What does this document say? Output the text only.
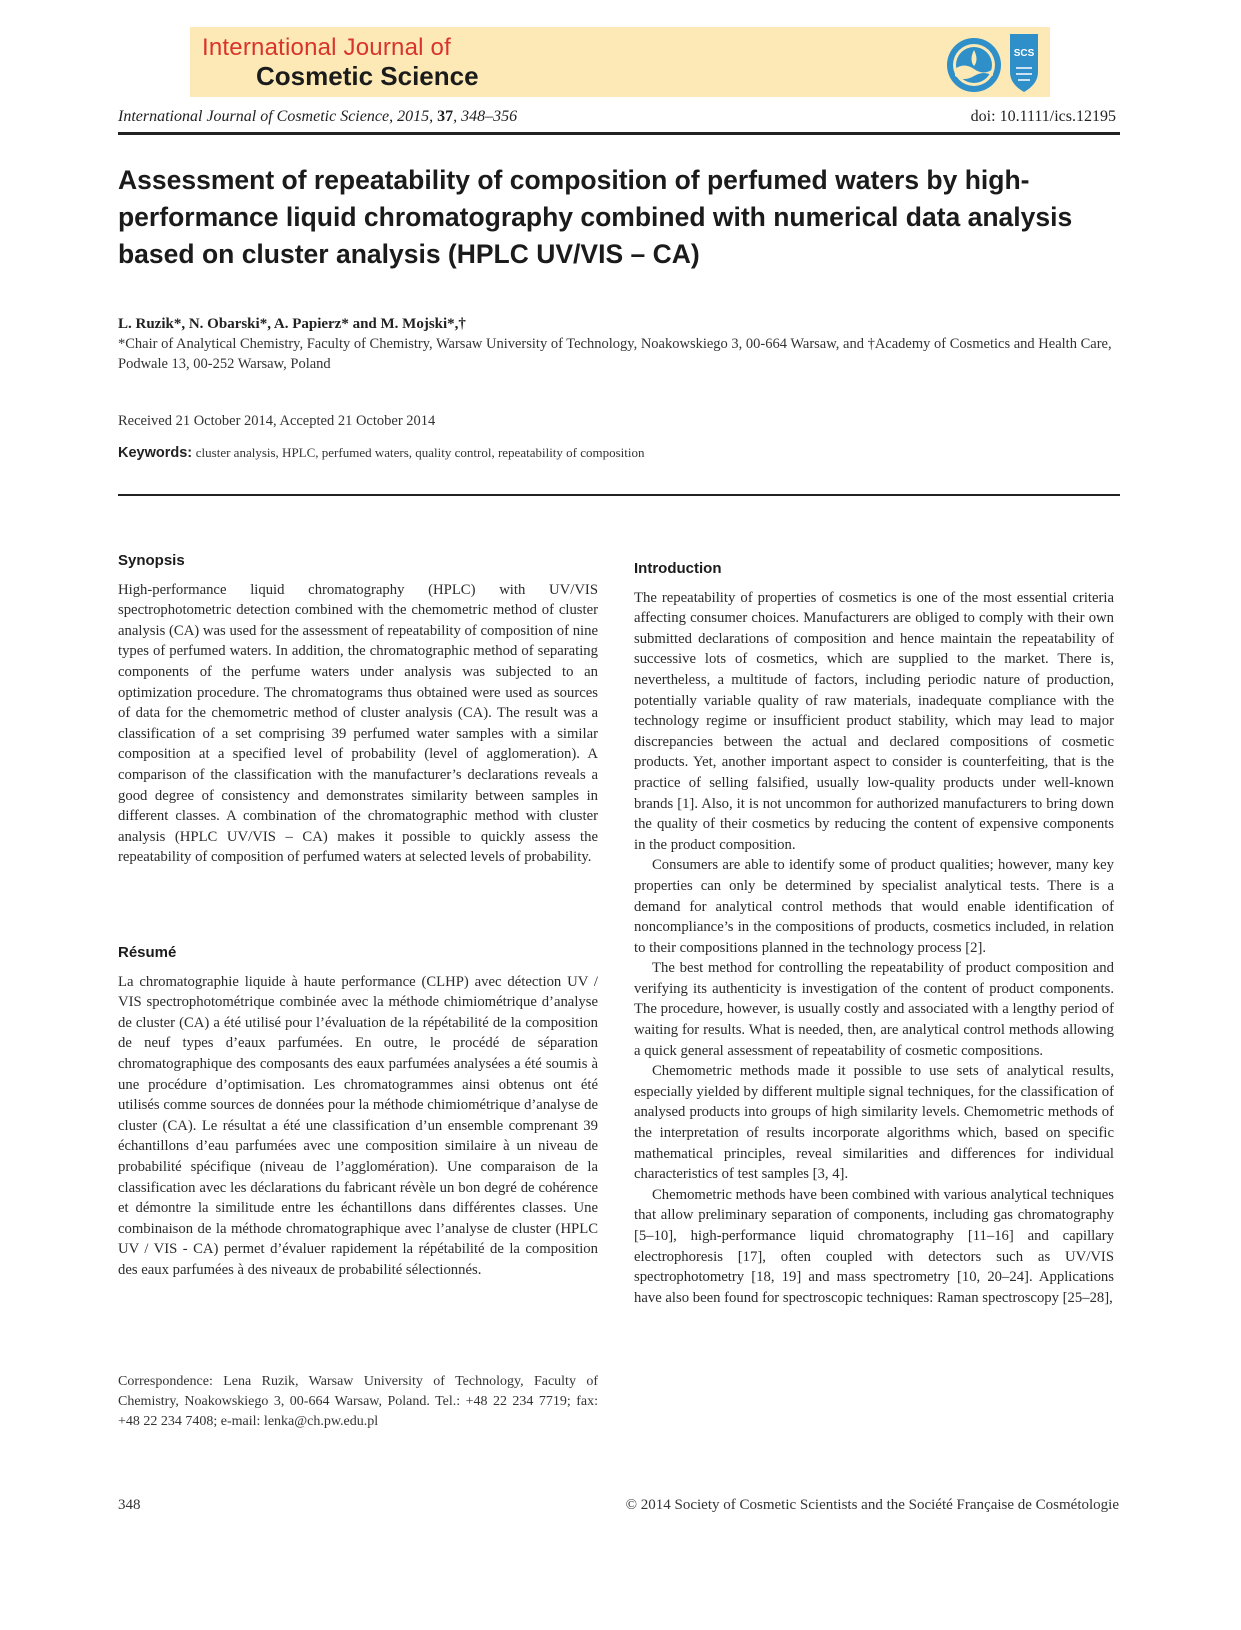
International Journal of
Cosmetic Science
SCS
International Journal of Cosmetic Science, 2015, 37, 348–356	doi: 10.1111/ics.12195
Assessment of repeatability of composition of perfumed waters by high-performance liquid chromatography combined with numerical data analysis based on cluster analysis (HPLC UV/VIS – CA)
L. Ruzik*, N. Obarski*, A. Papierz* and M. Mojski*,†
*Chair of Analytical Chemistry, Faculty of Chemistry, Warsaw University of Technology, Noakowskiego 3, 00-664 Warsaw, and †Academy of Cosmetics and Health Care, Podwale 13, 00-252 Warsaw, Poland
Received 21 October 2014, Accepted 21 October 2014
Keywords: cluster analysis, HPLC, perfumed waters, quality control, repeatability of composition
Synopsis

High-performance liquid chromatography (HPLC) with UV/VIS spectrophotometric detection combined with the chemometric method of cluster analysis (CA) was used for the assessment of repeatability of composition of nine types of perfumed waters. In addition, the chromatographic method of separating components of the perfume waters under analysis was subjected to an optimization procedure. The chromatograms thus obtained were used as sources of data for the chemometric method of cluster analysis (CA). The result was a classification of a set comprising 39 perfumed water samples with a similar composition at a specified level of probability (level of agglomeration). A comparison of the classification with the manufacturer’s declarations reveals a good degree of consistency and demonstrates similarity between samples in different classes. A combination of the chromatographic method with cluster analysis (HPLC UV/VIS – CA) makes it possible to quickly assess the repeatability of composition of perfumed waters at selected levels of probability.

Résumé

La chromatographie liquide à haute performance (CLHP) avec détection UV / VIS spectrophotométrique combinée avec la méthode chimiométrique d’analyse de cluster (CA) a été utilisé pour l’évaluation de la répétabilité de la composition de neuf types d’eaux parfumées. En outre, le procédé de séparation chromatographique des composants des eaux parfumées analysées a été soumis à une procédure d’optimisation. Les chromatogrammes ainsi obtenus ont été utilisés comme sources de données pour la méthode chimiométrique d’analyse de cluster (CA). Le résultat a été une classification d’un ensemble comprenant 39 échantillons d’eau parfumées avec une composition similaire à un niveau de probabilité spécifique (niveau de l’agglomération). Une comparaison de la classification avec les déclarations du fabricant révèle un bon degré de cohérence et démontre la similitude entre les échantillons dans différentes classes. Une combinaison de la méthode chromatographique avec l’analyse de cluster (HPLC UV / VIS - CA) permet d’évaluer rapidement la répétabilité de la composition des eaux parfumées à des niveaux de probabilité sélectionnés.

Correspondence: Lena Ruzik, Warsaw University of Technology, Faculty of Chemistry, Noakowskiego 3, 00-664 Warsaw, Poland. Tel.: +48 22 234 7719; fax: +48 22 234 7408; e-mail: lenka@ch.pw.edu.pl
Introduction

The repeatability of properties of cosmetics is one of the most essential criteria affecting consumer choices. Manufacturers are obliged to comply with their own submitted declarations of composition and hence maintain the repeatability of successive lots of cosmetics, which are supplied to the market. There is, nevertheless, a multitude of factors, including periodic nature of production, potentially variable quality of raw materials, inadequate compliance with the technology regime or insufficient product stability, which may lead to major discrepancies between the actual and declared compositions of cosmetic products. Yet, another important aspect to consider is counterfeiting, that is the practice of selling falsified, usually low-quality products under well-known brands [1]. Also, it is not uncommon for authorized manufacturers to bring down the quality of their cosmetics by reducing the content of expensive components in the product composition.

Consumers are able to identify some of product qualities; however, many key properties can only be determined by specialist analytical tests. There is a demand for analytical control methods that would enable identification of noncompliance’s in the compositions of products, cosmetics included, in relation to their compositions planned in the technology process [2].

The best method for controlling the repeatability of product composition and verifying its authenticity is investigation of the content of product components. The procedure, however, is usually costly and associated with a lengthy period of waiting for results. What is needed, then, are analytical control methods allowing a quick general assessment of repeatability of cosmetic compositions.

Chemometric methods made it possible to use sets of analytical results, especially yielded by different multiple signal techniques, for the classification of analysed products into groups of high similarity levels. Chemometric methods of the interpretation of results incorporate algorithms which, based on specific mathematical principles, reveal similarities and differences for individual characteristics of test samples [3, 4].

Chemometric methods have been combined with various analytical techniques that allow preliminary separation of components, including gas chromatography [5–10], high-performance liquid chromatography [11–16] and capillary electrophoresis [17], often coupled with detectors such as UV/VIS spectrophotometry [18, 19] and mass spectrometry [10, 20–24]. Applications have also been found for spectroscopic techniques: Raman spectroscopy [25–28],

348	© 2014 Society of Cosmetic Scientists and the Société Française de Cosmétologie
